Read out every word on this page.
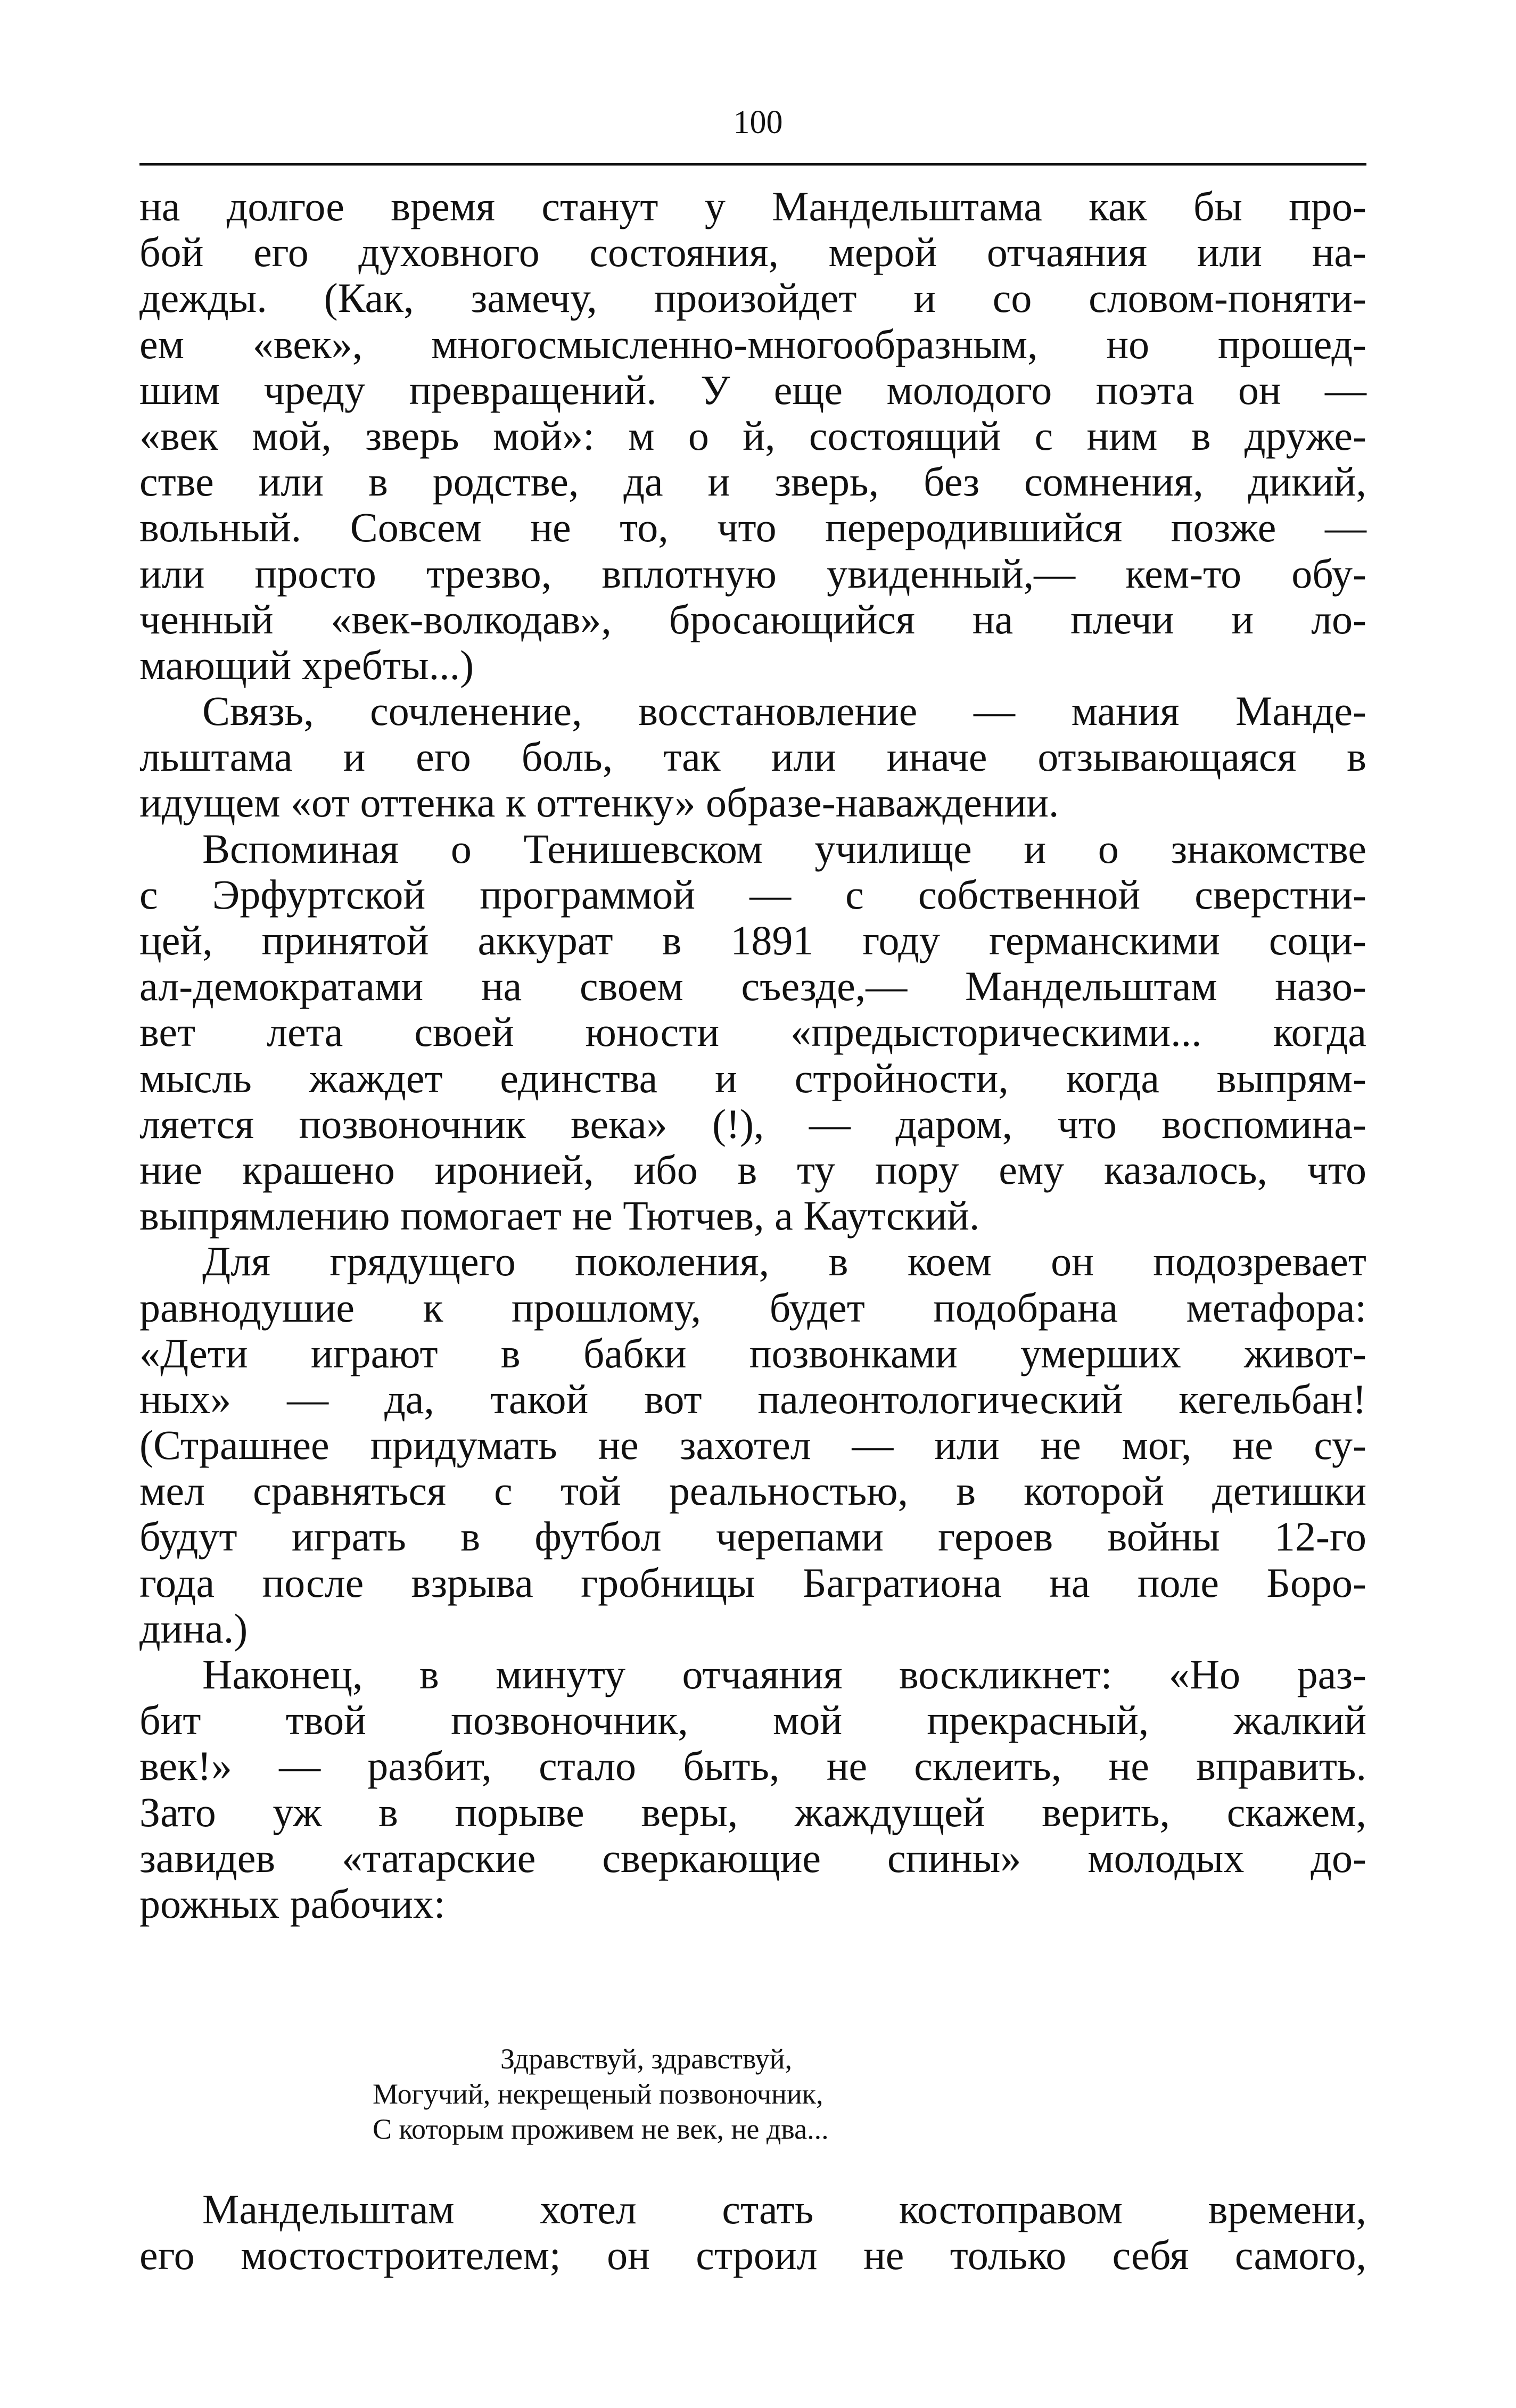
100
на долгое время станут у Мандельштама как бы про-
бой его духовного состояния, мерой отчаяния или на-
дежды. (Как, замечу, произойдет и со словом-поняти-
ем «век», многосмысленно-многообразным, но прошед-
шим чреду превращений. У еще молодого поэта он —
«век мой, зверь мой»: м о й, состоящий с ним в друже-
стве или в родстве, да и зверь, без сомнения, дикий,
вольный. Совсем не то, что переродившийся позже —
или просто трезво, вплотную увиденный,— кем-то обу-
ченный «век-волкодав», бросающийся на плечи и ло-
мающий хребты...)
Связь, сочленение, восстановление — мания Манде-
льштама и его боль, так или иначе отзывающаяся в
идущем «от оттенка к оттенку» образе-наваждении.
Вспоминая о Тенишевском училище и о знакомстве
с Эрфуртской программой — с собственной сверстни-
цей, принятой аккурат в 1891 году германскими соци-
ал-демократами на своем съезде,— Мандельштам назо-
вет лета своей юности «предысторическими... когда
мысль жаждет единства и стройности, когда выпрям-
ляется позвоночник века» (!), — даром, что воспомина-
ние крашено иронией, ибо в ту пору ему казалось, что
выпрямлению помогает не Тютчев, а Каутский.
Для грядущего поколения, в коем он подозревает
равнодушие к прошлому, будет подобрана метафора:
«Дети играют в бабки позвонками умерших живот-
ных» — да, такой вот палеонтологический кегельбан!
(Страшнее придумать не захотел — или не мог, не су-
мел сравняться с той реальностью, в которой детишки
будут играть в футбол черепами героев войны 12-го
года после взрыва гробницы Багратиона на поле Боро-
дина.)
Наконец, в минуту отчаяния воскликнет: «Но раз-
бит твой позвоночник, мой прекрасный, жалкий
век!» — разбит, стало быть, не склеить, не вправить.
Зато уж в порыве веры, жаждущей верить, скажем,
завидев «татарские сверкающие спины» молодых до-
рожных рабочих:
Здравствуй, здравствуй,
Могучий, некрещеный позвоночник,
С которым проживем не век, не два...
Мандельштам хотел стать костоправом времени,
его мостостроителем; он строил не только себя самого,
